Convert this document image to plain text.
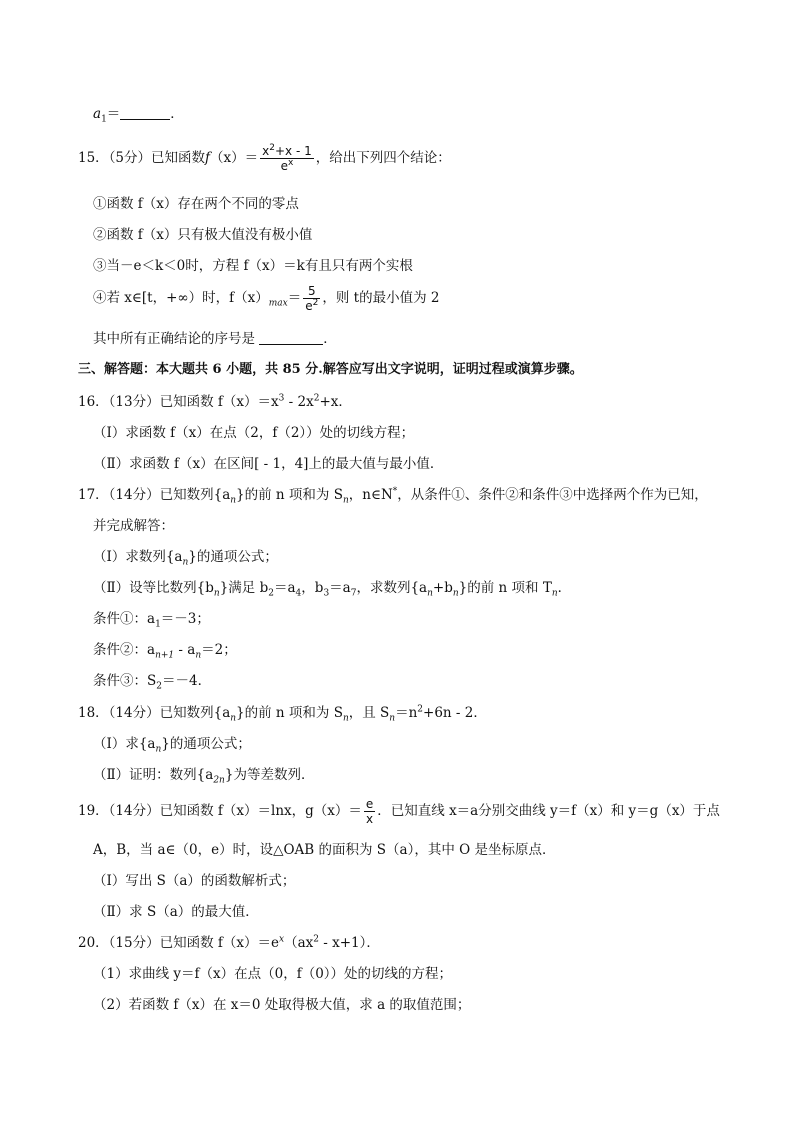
$a_1=$	．
15．（5分）已知函数$f(x)= \frac{x^2+x - 1}{e^x}$ ，给出下列四个结论：
①函数 f（x）存在两个不同的零点
②函数 f（x）只有极大值没有极小值
③当－e＜k＜0时，方程 f（x）＝k有且只有两个实根
④若 x∈[t，+∞）时，$f(x)_{max}= \frac{5}{e^2}$ ，则 t的最小值为 2
其中所有正确结论的序号是	．
三、解答题：本大题共 6 小题，共 85 分.解答应写出文字说明，证明过程或演算步骤。
16．（13分）已知函数 $f(x)=x^3 - 2x^2+x$．
（Ⅰ）求函数 f（x）在点（2，f（2））处的切线方程；
（Ⅱ）求函数 f（x）在区间[ - 1，4]上的最大值与最小值．
17．（14分）已知数列$\{a_n\}$的前 n 项和为 $S_n$，n∈N*，从条件①、条件②和条件③中选择两个作为已知，
并完成解答：
（Ⅰ）求数列$\{a_n\}$的通项公式；
（Ⅱ）设等比数列$\{b_n\}$满足 $b_2=a_4$，$b_3=a_7$，求数列$\{a_n+b_n\}$的前 n 项和 $T_n$．
条件①：$a_1=-3$；
条件②：$a_{n+1} - a_n=2$；
条件③：$S_2=-4$．
18．（14分）已知数列$\{a_n\}$的前 n 项和为 $S_n$，且 $S_n=n^2+6n - 2$．
（Ⅰ）求$\{a_n\}$的通项公式；
（Ⅱ）证明：数列$\{a_{2n}\}$为等差数列．
19．（14分）已知函数 f（x）＝lnx，$g(x)= \frac{e}{x}$ ．已知直线 x＝a分别交曲线 y＝f（x）和 y＝g（x）于点
A，B，当 a∈（0，e）时，设△OAB 的面积为 S（a），其中 O 是坐标原点．
（Ⅰ）写出 S（a）的函数解析式；
（Ⅱ）求 S（a）的最大值．
20．（15分）已知函数 $f(x)=e^x(ax^2 - x+1)$．
（1）求曲线 y＝f（x）在点（0，f（0））处的切线的方程；
（2）若函数 f（x）在 x＝0 处取得极大值，求 a 的取值范围；
